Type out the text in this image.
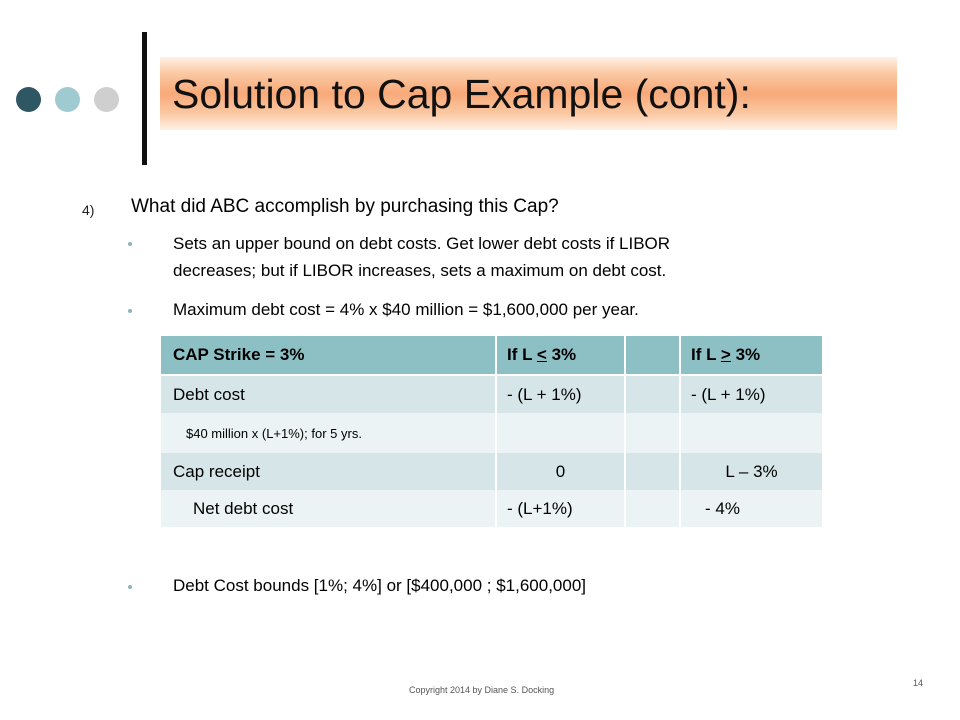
Solution to Cap Example (cont):
4) What did ABC accomplish by purchasing this Cap?
Sets an upper bound on debt costs. Get lower debt costs if LIBOR
decreases; but if LIBOR increases, sets a maximum on debt cost.
Maximum debt cost = 4% x $40 million = $1,600,000 per year.
CAP Strike = 3%	If L < 3%		If L > 3%
Debt cost	- (L + 1%)		- (L + 1%)
$40 million x (L+1%); for 5 yrs.			
Cap receipt	0		L – 3%
Net debt cost	- (L+1%)		- 4%
Debt Cost bounds [1%; 4%] or [$400,000 ; $1,600,000]
Copyright 2014 by Diane S. Docking
14
